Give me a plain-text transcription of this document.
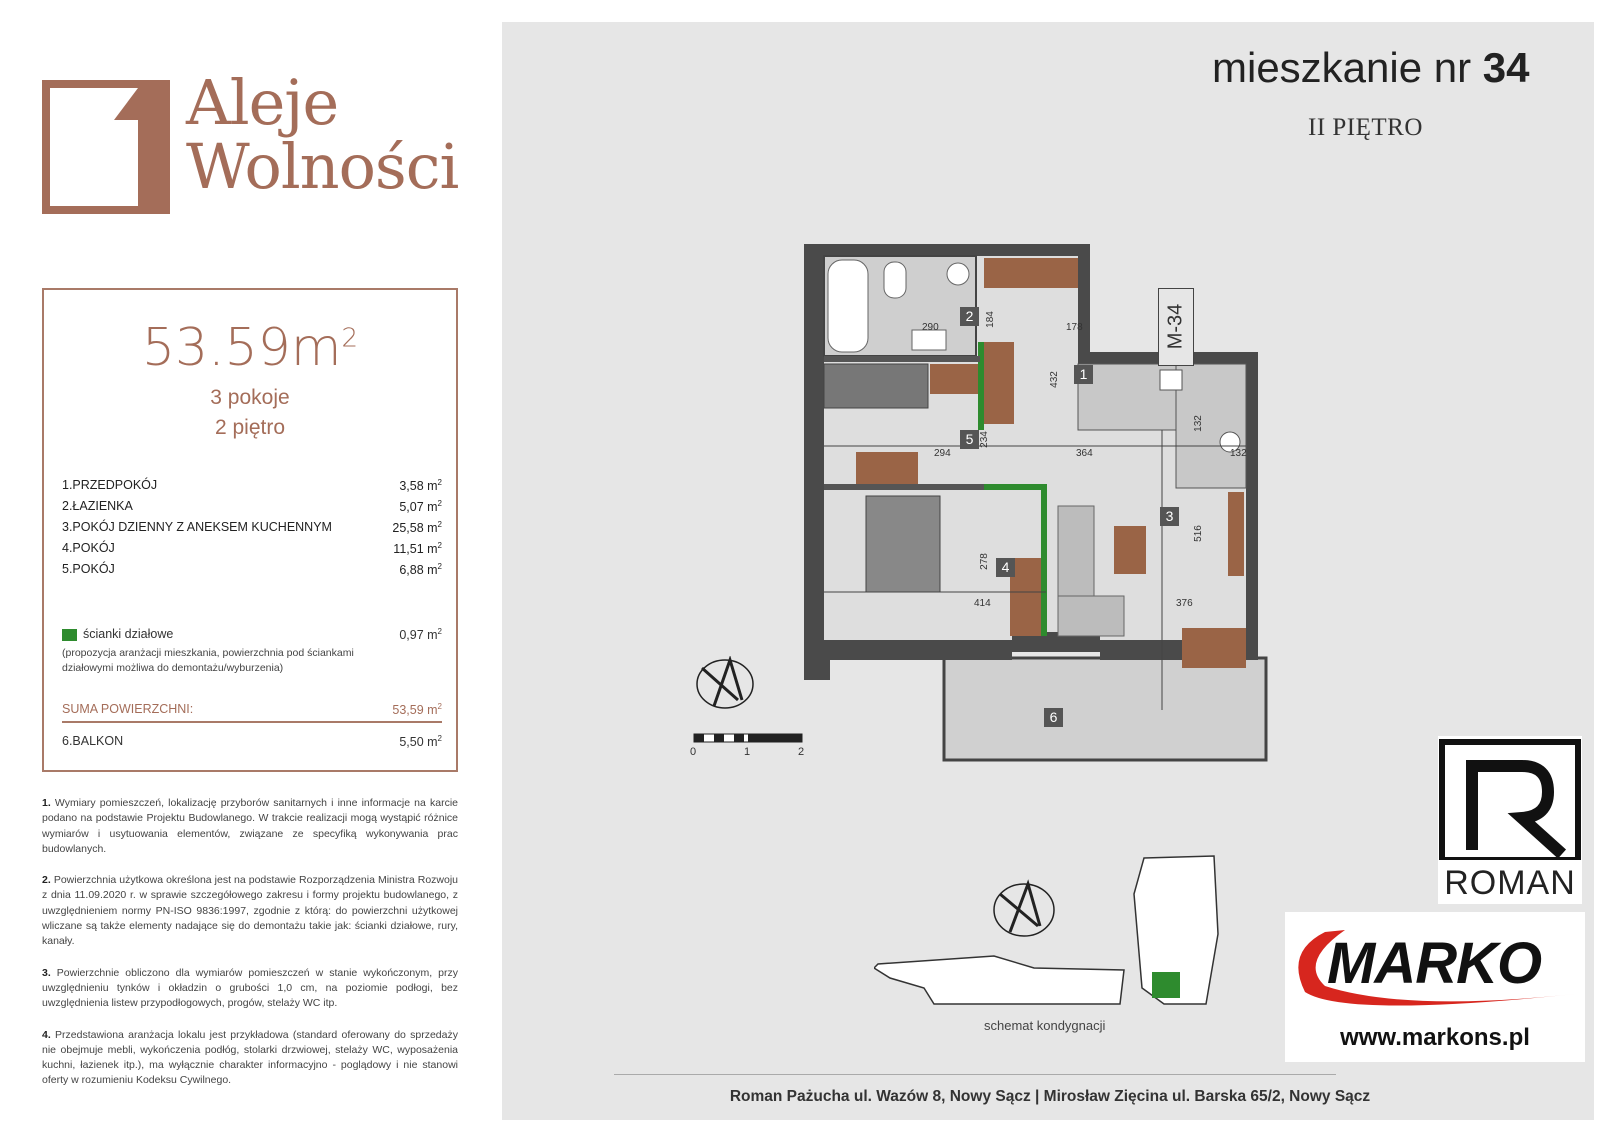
Aleje
Wolności
$53.59m^2$
3 pokoje
2 piętro
1.PRZEDPOKÓJ	3,58 $m^2$
2.ŁAZIENKA	5,07 $m^2$
3.POKÓJ DZIENNY Z ANEKSEM KUCHENNYM	25,58 $m^2$
4.POKÓJ	11,51 $m^2$
5.POKÓJ	6,88 $m^2$
ścianki działowe	0,97 $m^2$
(propozycja aranżacji mieszkania, powierzchnia pod ściankami działowymi możliwa do demontażu/wyburzenia)
SUMA POWIERZCHNI:	53,59 $m^2$
6.BALKON	5,50 $m^2$

1. Wymiary pomieszczeń, lokalizację przyborów sanitarnych i inne informacje na karcie podano na podstawie Projektu Budowlanego. W trakcie realizacji mogą wystąpić różnice wymiarów i usytuowania elementów, związane ze specyfiką wykonywania prac budowlanych.

2. Powierzchnia użytkowa określona jest na podstawie Rozporządzenia Ministra Rozwoju z dnia 11.09.2020 r. w sprawie szczegółowego zakresu i formy projektu budowlanego, z uwzględnieniem normy PN-ISO 9836:1997, zgodnie z którą: do powierzchni użytkowej wliczane są także elementy nadające się do demontażu takie jak: ścianki działowe, rury, kanały.

3. Powierzchnie obliczono dla wymiarów pomieszczeń w stanie wykończonym, przy uwzględnieniu tynków i okładzin o grubości 1,0 cm, na poziomie podłogi, bez uwzględnienia listew przypodłogowych, progów, stelaży WC itp.

4. Przedstawiona aranżacja lokalu jest przykładowa (standard oferowany do sprzedaży nie obejmuje mebli, wykończenia podłóg, stolarki drzwiowej, stelaży WC, wyposażenia kuchni, łazienek itp.), ma wyłącznie charakter informacyjno - poglądowy i nie stanowi oferty w rozumieniu Kodeksu Cywilnego.

mieszkanie nr 34
II PIĘTRO
M-34
1
2
3
4
5
6
290	184	178
432
364
294
234
132
132
516
376
278
414
0	1	2
schemat kondygnacji
ROMAN
MARKO
www.markons.pl
Roman Pażucha ul. Wazów 8, Nowy Sącz | Mirosław Zięcina ul. Barska 65/2, Nowy Sącz
